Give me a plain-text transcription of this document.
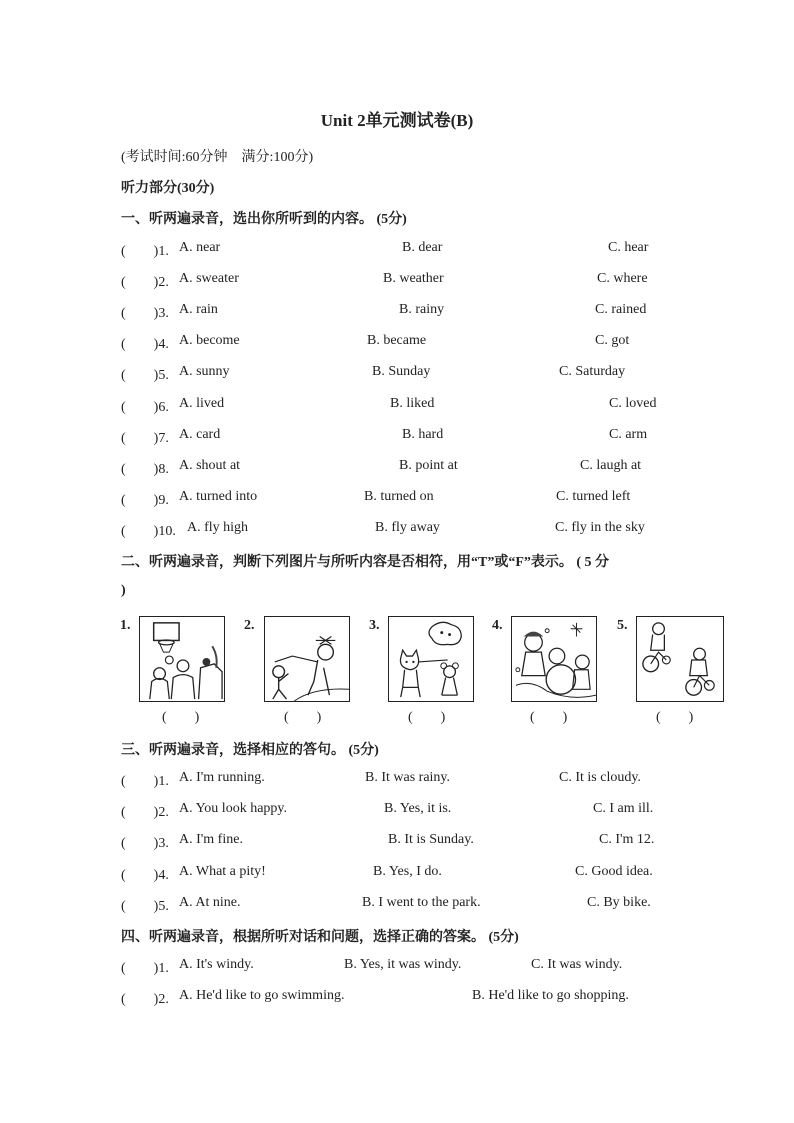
Unit 2单元测试卷(B)
(考试时间:60分钟　满分:100分)
听力部分(30分)
一、听两遍录音，选出你所听到的内容。 (5分)
(　　)1. A. near	B. dear	C. hear
(　　)2. A. sweater	B. weather	C. where
(　　)3. A. rain	B. rainy	C. rained
(　　)4. A. become	B. became	C. got
(　　)5. A. sunny	B. Sunday	C. Saturday
(　　)6. A. lived	B. liked	C. loved
(　　)7. A. card	B. hard	C. arm
(　　)8. A. shout at	B. point at	C. laugh at
(　　)9. A. turned into	B. turned on	C. turned left
(　　)10. A. fly high	B. fly away	C. fly in the sky
二、听两遍录音，判断下列图片与所听内容是否相符，用“T”或“F”表示。 ( 5 分
)
1.
(　　)
2.
(　　)
3.
(　　)
4.
(　　)
5.
(　　)
三、听两遍录音，选择相应的答句。 (5分)
(　　)1. A. I'm running.	B. It was rainy.	C. It is cloudy.
(　　)2. A. You look happy.	B. Yes, it is.	C. I am ill.
(　　)3. A. I'm fine.	B. It is Sunday.	C. I'm 12.
(　　)4. A. What a pity!	B. Yes, I do.	C. Good idea.
(　　)5. A. At nine.	B. I went to the park.	C. By bike.
四、听两遍录音，根据所听对话和问题，选择正确的答案。 (5分)
(　　)1. A. It's windy.	B. Yes, it was windy.	C. It was windy.
(　　)2. A. He'd like to go swimming.	B. He'd like to go shopping.
